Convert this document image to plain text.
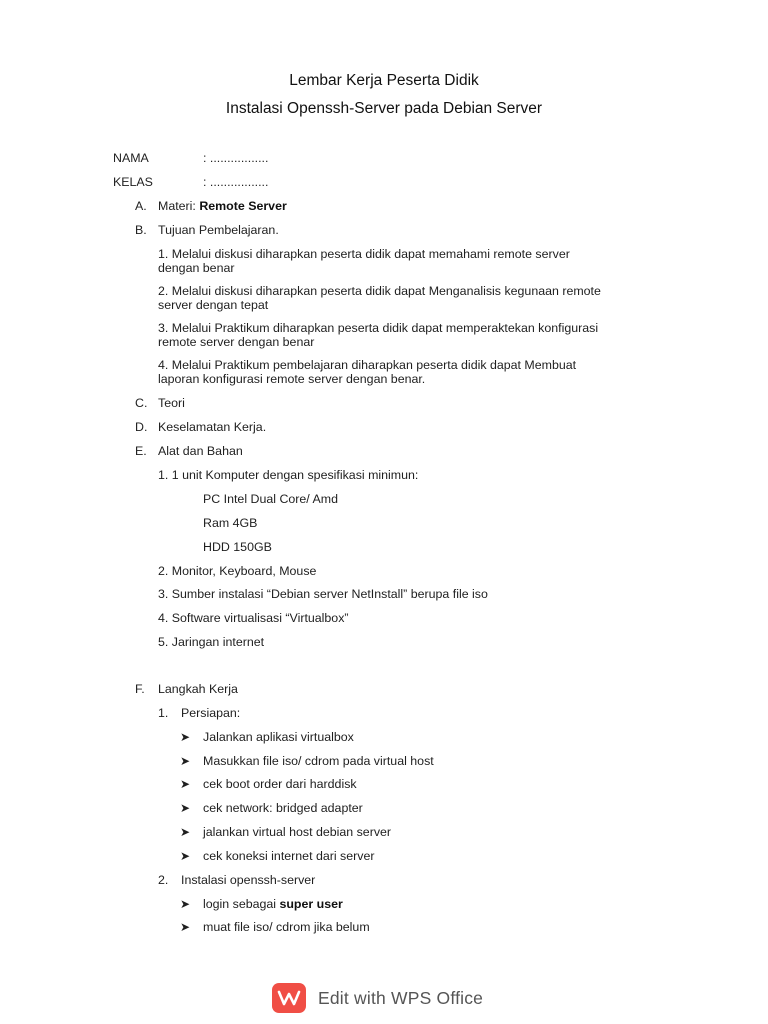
Lembar Kerja Peserta Didik
Instalasi Openssh-Server pada Debian Server
NAMA	: .................
KELAS	: .................
A. Materi: Remote Server
B. Tujuan Pembelajaran.
1. Melalui diskusi diharapkan peserta didik dapat memahami remote server
dengan benar
2. Melalui diskusi diharapkan peserta didik dapat Menganalisis kegunaan remote
server dengan tepat
3. Melalui Praktikum diharapkan peserta didik dapat memperaktekan konfigurasi
remote server dengan benar
4. Melalui Praktikum pembelajaran diharapkan peserta didik dapat Membuat
laporan konfigurasi remote server dengan benar.
C. Teori
D. Keselamatan Kerja.
E. Alat dan Bahan
1. 1 unit Komputer dengan spesifikasi minimun:
PC Intel Dual Core/ Amd
Ram 4GB
HDD 150GB
2. Monitor, Keyboard, Mouse
3. Sumber instalasi “Debian server NetInstall” berupa file iso
4. Software virtualisasi “Virtualbox”
5. Jaringan internet
F. Langkah Kerja
1. Persiapan:
➤ Jalankan aplikasi virtualbox
➤ Masukkan file iso/ cdrom pada virtual host
➤ cek boot order dari harddisk
➤ cek network: bridged adapter
➤ jalankan virtual host debian server
➤ cek koneksi internet dari server
2. Instalasi openssh-server
➤ login sebagai super user
➤ muat file iso/ cdrom jika belum
Edit with WPS Office
